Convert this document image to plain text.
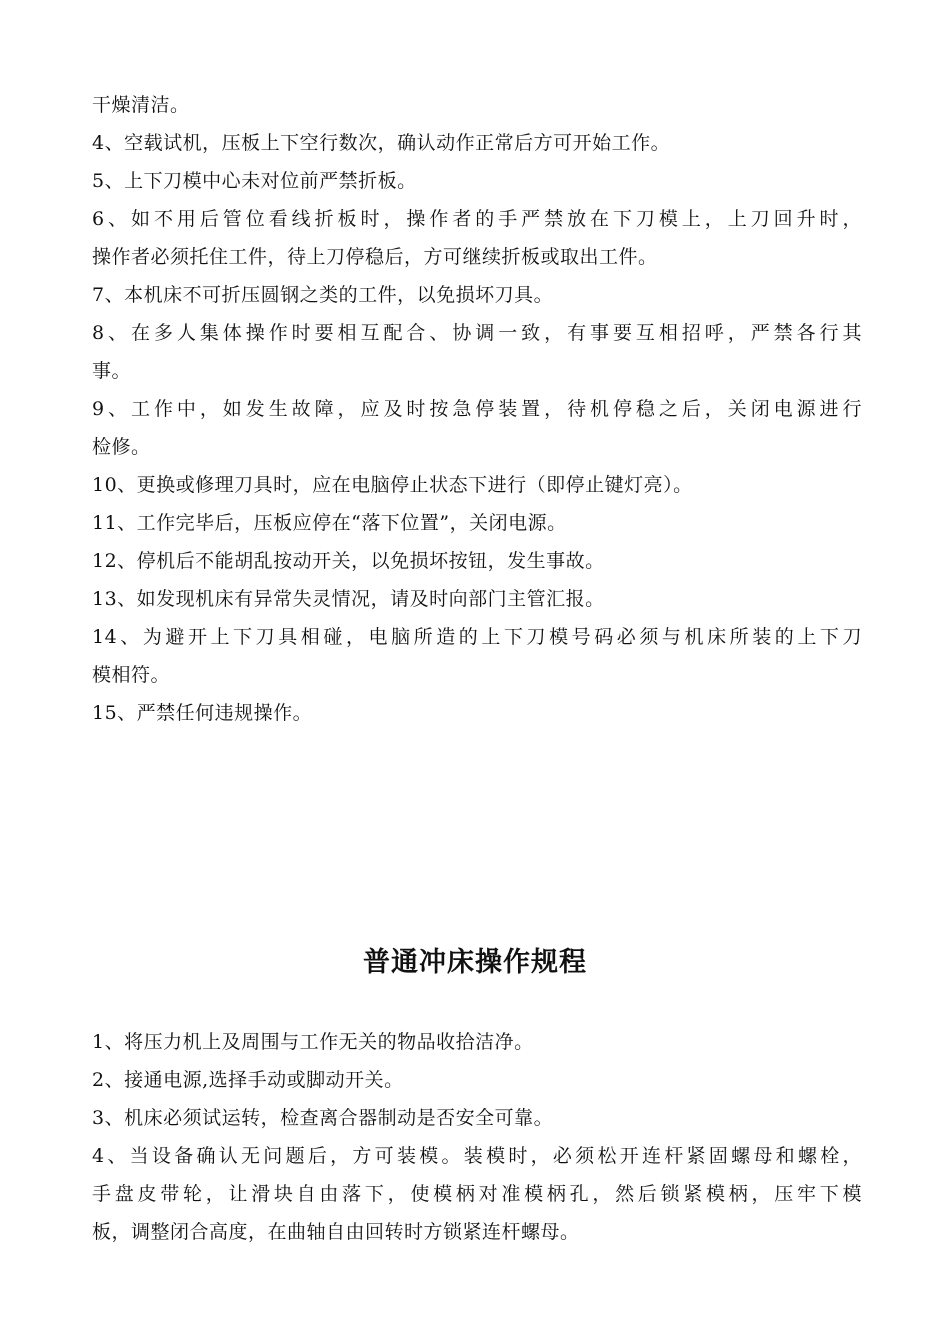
干燥清洁。
4、空载试机，压板上下空行数次，确认动作正常后方可开始工作。
5、上下刀模中心未对位前严禁折板。
6、如不用后管位看线折板时，操作者的手严禁放在下刀模上，上刀回升时，
操作者必须托住工件，待上刀停稳后，方可继续折板或取出工件。
7、本机床不可折压圆钢之类的工件，以免损坏刀具。
8、在多人集体操作时要相互配合、协调一致，有事要互相招呼，严禁各行其
事。
9、工作中，如发生故障，应及时按急停装置，待机停稳之后，关闭电源进行
检修。
10、更换或修理刀具时，应在电脑停止状态下进行（即停止键灯亮）。
11、工作完毕后，压板应停在“落下位置”，关闭电源。
12、停机后不能胡乱按动开关，以免损坏按钮，发生事故。
13、如发现机床有异常失灵情况，请及时向部门主管汇报。
14、为避开上下刀具相碰，电脑所造的上下刀模号码必须与机床所装的上下刀
模相符。
15、严禁任何违规操作。
普通冲床操作规程
1、将压力机上及周围与工作无关的物品收拾洁净。
2、接通电源,选择手动或脚动开关。
3、机床必须试运转，检查离合器制动是否安全可靠。
4、当设备确认无问题后，方可装模。装模时，必须松开连杆紧固螺母和螺栓，
手盘皮带轮，让滑块自由落下，使模柄对准模柄孔，然后锁紧模柄，压牢下模
板，调整闭合高度，在曲轴自由回转时方锁紧连杆螺母。
